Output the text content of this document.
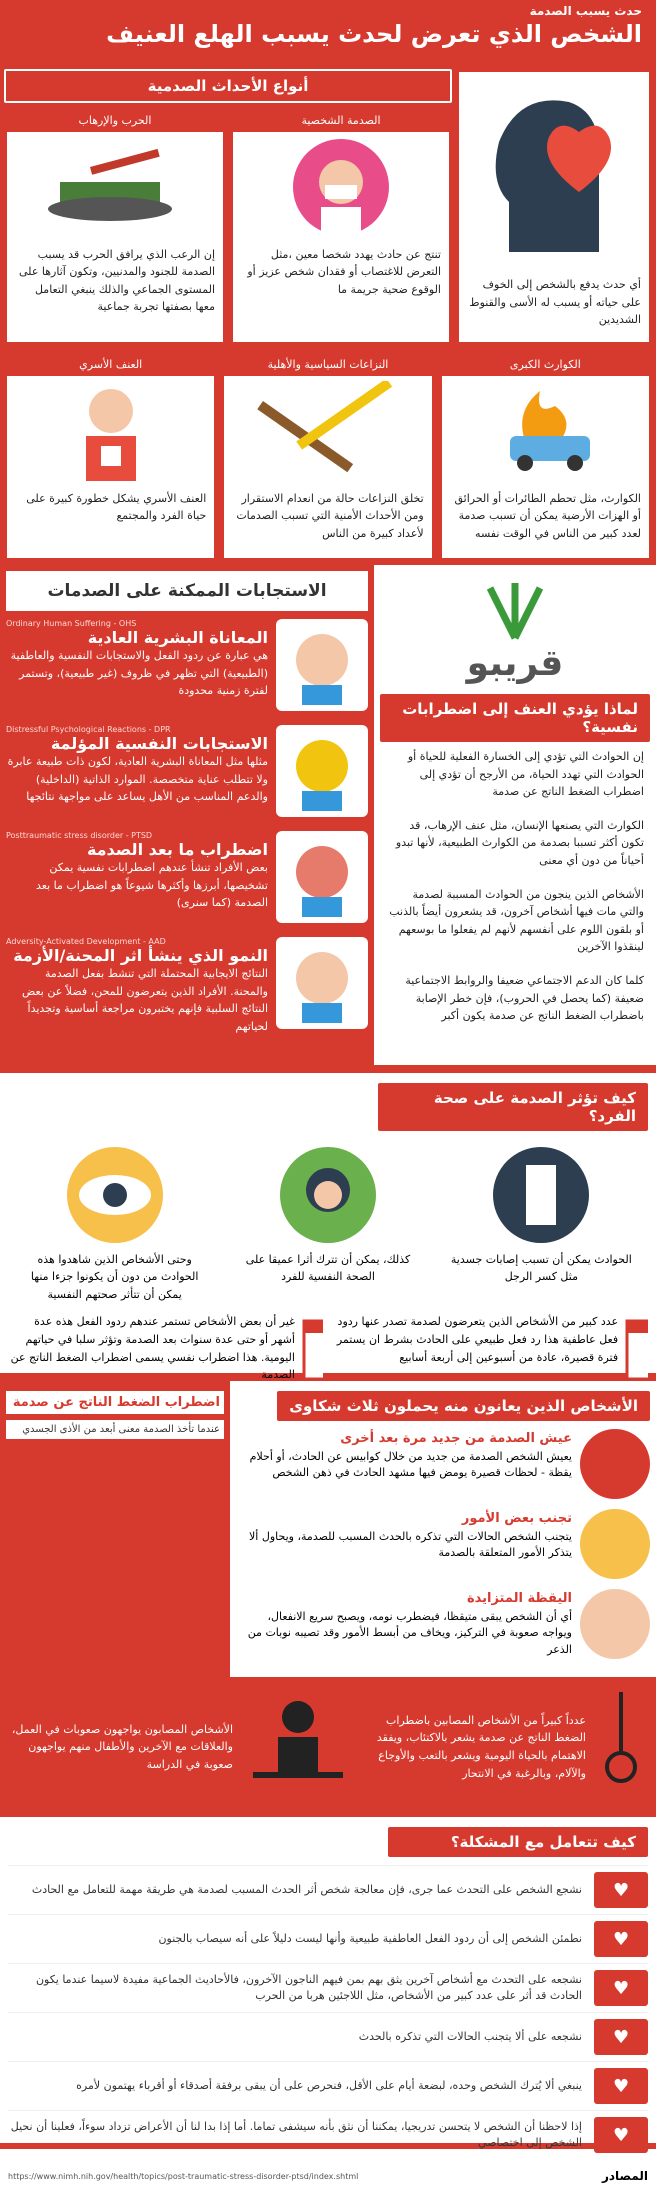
حدث يسبب الصدمة
الشخص الذي تعرض لحدث يسبب الهلع العنيف

أي حدث يدفع بالشخص إلى الخوف على حياته أو يسبب له الأسى والقنوط الشديدين

أنواع الأحداث الصدمية
الصدمة الشخصية

تنتج عن حادث يهدد شخصا معين ،مثل التعرض للاغتصاب أو فقدان شخص عزيز أو الوقوع ضحية جريمة ما

الحرب والإرهاب

إن الرعب الذي يرافق الحرب قد يسبب الصدمة للجنود والمدنيين، وتكون آثارها على المستوى الجماعي والذلك ينبغي التعامل معها بصفتها تجربة جماعية

الكوارث الكبرى

الكوارث، مثل تحطم الطائرات أو الحرائق أو الهزات الأرضية يمكن أن تسبب صدمة لعدد كبير من الناس في الوقت نفسه

النزاعات السياسية والأهلية

تخلق النزاعات حالة من انعدام الاستقرار ومن الأحداث الأمنية التي تسبب الصدمات لأعداد كبيرة من الناس

العنف الأسري

العنف الأسري يشكل خطورة كبيرة على حياة الفرد والمجتمع

قريبو
لماذا يؤدي العنف إلى اضطرابات نفسية؟

إن الحوادث التي تؤدي إلى الخسارة الفعلية للحياة أو الحوادث التي تهدد الحياة، من الأرجح أن تؤدي إلى اضطراب الضغط الناتج عن صدمة

الكوارث التي يصنعها الإنسان، مثل عنف الإرهاب، قد تكون أكثر تسببا بصدمة من الكوارث الطبيعية، لأنها تبدو أحياناً من دون أي معنى

الأشخاص الذين ينجون من الحوادث المسببة لصدمة والتي مات فيها أشخاص آخرون، قد يشعرون أيضاً بالذنب أو بلقون اللوم على أنفسهم لأنهم لم يفعلوا ما بوسعهم لينقذوا الآخرين

كلما كان الدعم الاجتماعي ضعيفا والروابط الاجتماعية ضعيفة (كما يحصل في الحروب)، فإن خطر الإصابة باضطراب الضغط الناتج عن صدمة يكون أكبر

الاستجابات الممكنة على الصدمات
Ordinary Human Suffering - OHS
المعاناة البشرية العادية

هي عبارة عن ردود الفعل والاستجابات النفسية والعاطفية (الطبيعية) التي تظهر في ظروف (غير طبيعية)، وتستمر لفترة زمنية محدودة

Distressful Psychological Reactions - DPR
الاستجابات النفسية المؤلمة

مثلها مثل المعاناة البشرية العادية، لكون ذات طبيعة عابرة ولا تتطلب عناية متخصصة. الموارد الذاتية (الداخلية) والدعم المناسب من الأهل يساعد على مواجهة نتائجها

Posttraumatic stress disorder - PTSD
اضطراب ما بعد الصدمة

بعض الأفراد تنشأ عندهم اضطرابات نفسية يمكن تشخيصها، أبرزها وأكثرها شيوعاً هو اضطراب ما بعد الصدمة (كما سنرى)

Adversity-Activated Development - AAD
النمو الذي ينشأ اثر المحنة/الأزمة

النتائج الايجابية المحتملة التي تنشط بفعل الصدمة والمحنة. الأفراد الذين يتعرضون للمحن، فضلاً عن بعض النتائج السلبية فإنهم يختبرون مراجعة أساسية وتجديداً لحياتهم

كيف تؤثر الصدمة على صحة الفرد؟

الحوادث يمكن أن تسبب إصابات جسدية مثل كسر الرجل

كذلك، يمكن أن تترك أثرا عميقا على الصحة النفسية للفرد

وحتى الأشخاص الذين شاهدوا هذه الحوادث من دون أن يكونوا جزءا منها يمكن أن تتأثر صحتهم النفسية

عدد كبير من الأشخاص الذين يتعرضون لصدمة تصدر عنها ردود فعل عاطفية هذا رد فعل طبيعي على الحادث بشرط ان يستمر فترة قصيرة، عادة من أسبوعين إلى أربعة أسابيع

غير أن بعض الأشخاص تستمر عندهم ردود الفعل هذه عدة أشهر أو حتى عدة سنوات بعد الصدمة وتؤثر سلبا في حياتهم اليومية. هذا اضطراب نفسي يسمى اضطراب الضغط الناتج عن الصدمة

الأشخاص الذين يعانون منه يحملون ثلاث شكاوى
عيش الصدمة من جديد مرة بعد أخرى

يعيش الشخص الصدمة من جديد من خلال كوابيس عن الحادث، أو أحلام يقظة - لحظات قصيرة يومض فيها مشهد الحادث في ذهن الشخص

تجنب بعض الأمور

يتجنب الشخص الحالات التي تذكره بالحدث المسبب للصدمة، ويحاول ألا يتذكر الأمور المتعلقة بالصدمة

اليقظة المتزايدة

أي أن الشخص يبقى متيقظا، فيضطرب نومه، ويصبح سريع الانفعال، ويواجه صعوبة في التركيز، ويخاف من أبسط الأمور وقد تصيبه نوبات من الذعر

اضطراب الضغط الناتج عن صدمة
عندما تأخذ الصدمة معنى أبعد من الأذى الجسدي

عدداً كبيراً من الأشخاص المصابين باضطراب الضغط الناتج عن صدمة يشعر بالاكتئاب، ويفقد الاهتمام بالحياة اليومية ويشعر بالتعب والأوجاع والآلام، وبالرغبة في الانتحار

الأشخاص المصابون يواجهون صعوبات في العمل، والعلاقات مع الآخرين والأطفال منهم يواجهون صعوبة في الدراسة

كيف تتعامل مع المشكلة؟
♥
نشجع الشخص على التحدث عما جرى، فإن معالجة شخص أثر الحدث المسبب لصدمة هي طريقة مهمة للتعامل مع الحادث
♥
نطمئن الشخص إلى أن ردود الفعل العاطفية طبيعية وأنها ليست دليلاً على أنه سيصاب بالجنون
♥
نشجعه على التحدث مع أشخاص آخرين يثق بهم بمن فيهم الناجون الآخرون، فالأحاديث الجماعية مفيدة لاسيما عندما يكون الحادث قد أثر على عدد كبير من الأشخاص، مثل اللاجئين هربا من الحرب
♥
نشجعه على ألا يتجنب الحالات التي تذكره بالحدث
♥
ينبغي ألا يُترك الشخص وحده، لبضعة أيام على الأقل، فنحرص على أن يبقى برفقة أصدقاء أو أقرباء يهتمون لأمره
♥
إذا لاحظنا أن الشخص لا يتحسن تدريجيا، يمكننا أن نثق بأنه سيشفى تماما. أما إذا بدا لنا أن الأعراض تزداد سوءاً، فعلينا أن نحيل الشخص إلى اختصاصي
المصادر
https://www.nimh.nih.gov/health/topics/post-traumatic-stress-disorder-ptsd/index.shtml
